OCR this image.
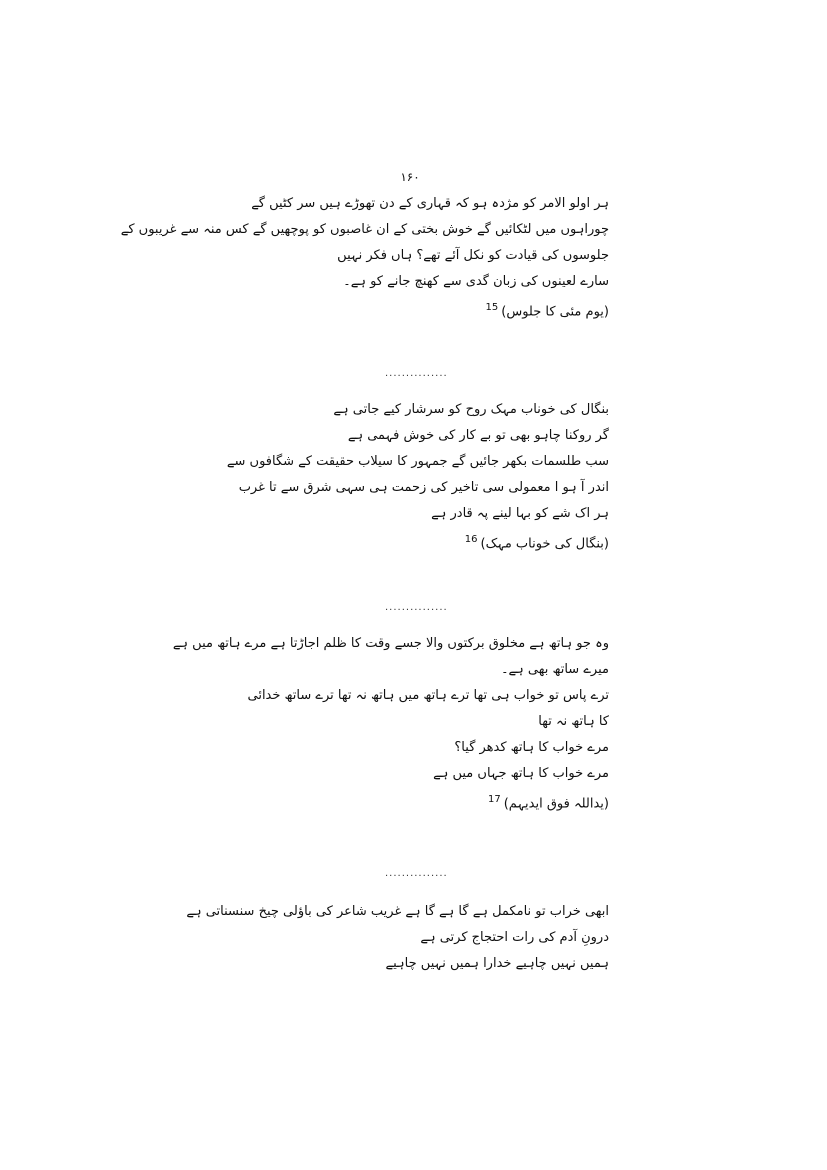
۱۶۰
ہر اولو الامر کو مژدہ ہو کہ قہاری کے دن تھوڑے ہیں سر کٹیں گے
چوراہوں میں لٹکائیں گے خوش بختی کے ان غاصبوں کو پوچھیں گے کس منہ سے غریبوں کے
جلوسوں کی قیادت کو نکل آئے تھے؟ ہاں فکر نہیں
سارے لعینوں کی زبان گدی سے کھنچ جانے کو ہے۔
(یوم مئی کا جلوس)15
...............
بنگال کی خوناب مہک روح کو سرشار کیے جاتی ہے
گر روکنا چاہو بھی تو بے کار کی خوش فہمی ہے
سب طلسمات بکھر جائیں گے جمہور کا سیلاب حقیقت کے شگافوں سے
اندر آ ہو ا معمولی سی تاخیر کی زحمت ہی سہی شرق سے تا غرب
ہر اک شے کو بہا لینے پہ قادر ہے
(بنگال کی خوناب مہک)16
...............
وہ جو ہاتھ ہے مخلوق برکتوں والا جسے وقت کا ظلم اجاڑتا ہے مرے ہاتھ میں ہے
میرے ساتھ بھی ہے۔
ترے پاس تو خواب ہی تھا ترے ہاتھ میں ہاتھ نہ تھا ترے ساتھ خدائی
کا ہاتھ نہ تھا
مرے خواب کا ہاتھ کدھر گیا؟
مرے خواب کا ہاتھ جہاں میں ہے
(یداللہ فوق ایدیہم)17
...............
ابھی خراب تو نامکمل ہے گا ہے گا ہے غریب شاعر کی باؤلی چیخ سنسناتی ہے
درونِ آدم کی رات احتجاج کرتی ہے
ہمیں نہیں چاہیے خدارا ہمیں نہیں چاہیے
